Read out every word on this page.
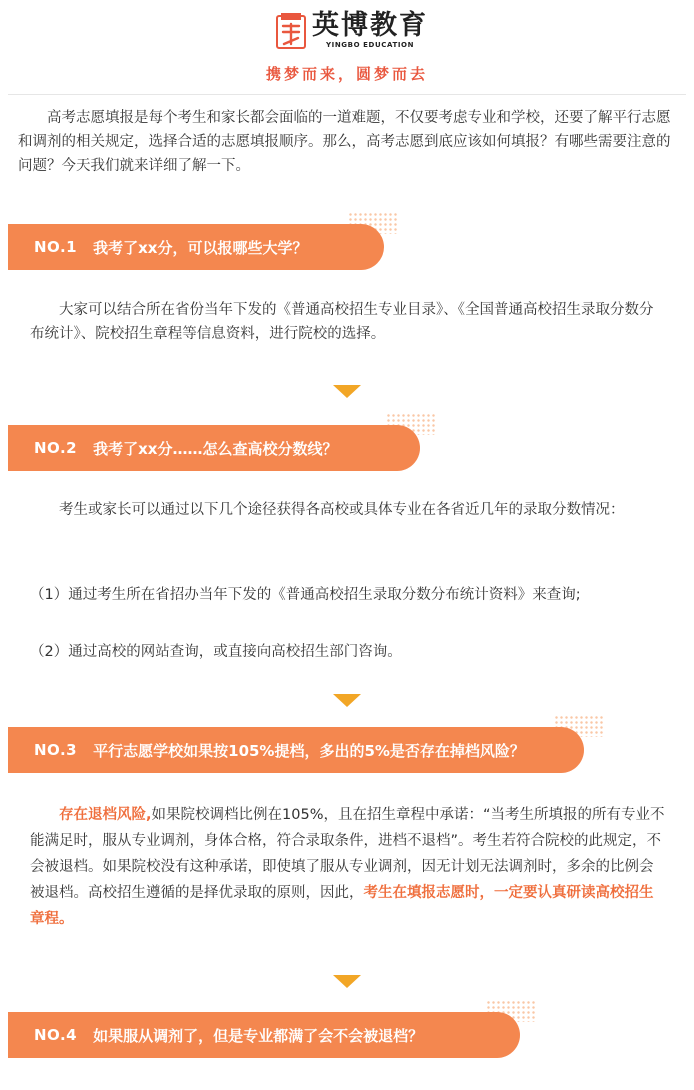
英博教育
YINGBO EDUCATION
携梦而来，圆梦而去

高考志愿填报是每个考生和家长都会面临的一道难题，不仅要考虑专业和学校，还要了解平行志愿和调剂的相关规定，选择合适的志愿填报顺序。那么，高考志愿到底应该如何填报？有哪些需要注意的问题？今天我们就来详细了解一下。

NO.1 我考了xx分，可以报哪些大学？

大家可以结合所在省份当年下发的《普通高校招生专业目录》、《全国普通高校招生录取分数分布统计》、院校招生章程等信息资料，进行院校的选择。

NO.2 我考了xx分……怎么查高校分数线？

考生或家长可以通过以下几个途径获得各高校或具体专业在各省近几年的录取分数情况：

（1）通过考生所在省招办当年下发的《普通高校招生录取分数分布统计资料》来查询;

（2）通过高校的网站查询，或直接向高校招生部门咨询。

NO.3 平行志愿学校如果按105%提档，多出的5%是否存在掉档风险？

存在退档风险,如果院校调档比例在105%，且在招生章程中承诺：“当考生所填报的所有专业不能满足时，服从专业调剂，身体合格，符合录取条件，进档不退档”。考生若符合院校的此规定，不会被退档。如果院校没有这种承诺，即使填了服从专业调剂，因无计划无法调剂时，多余的比例会被退档。高校招生遵循的是择优录取的原则，因此，考生在填报志愿时，一定要认真研读高校招生章程。

NO.4 如果服从调剂了，但是专业都满了会不会被退档？
